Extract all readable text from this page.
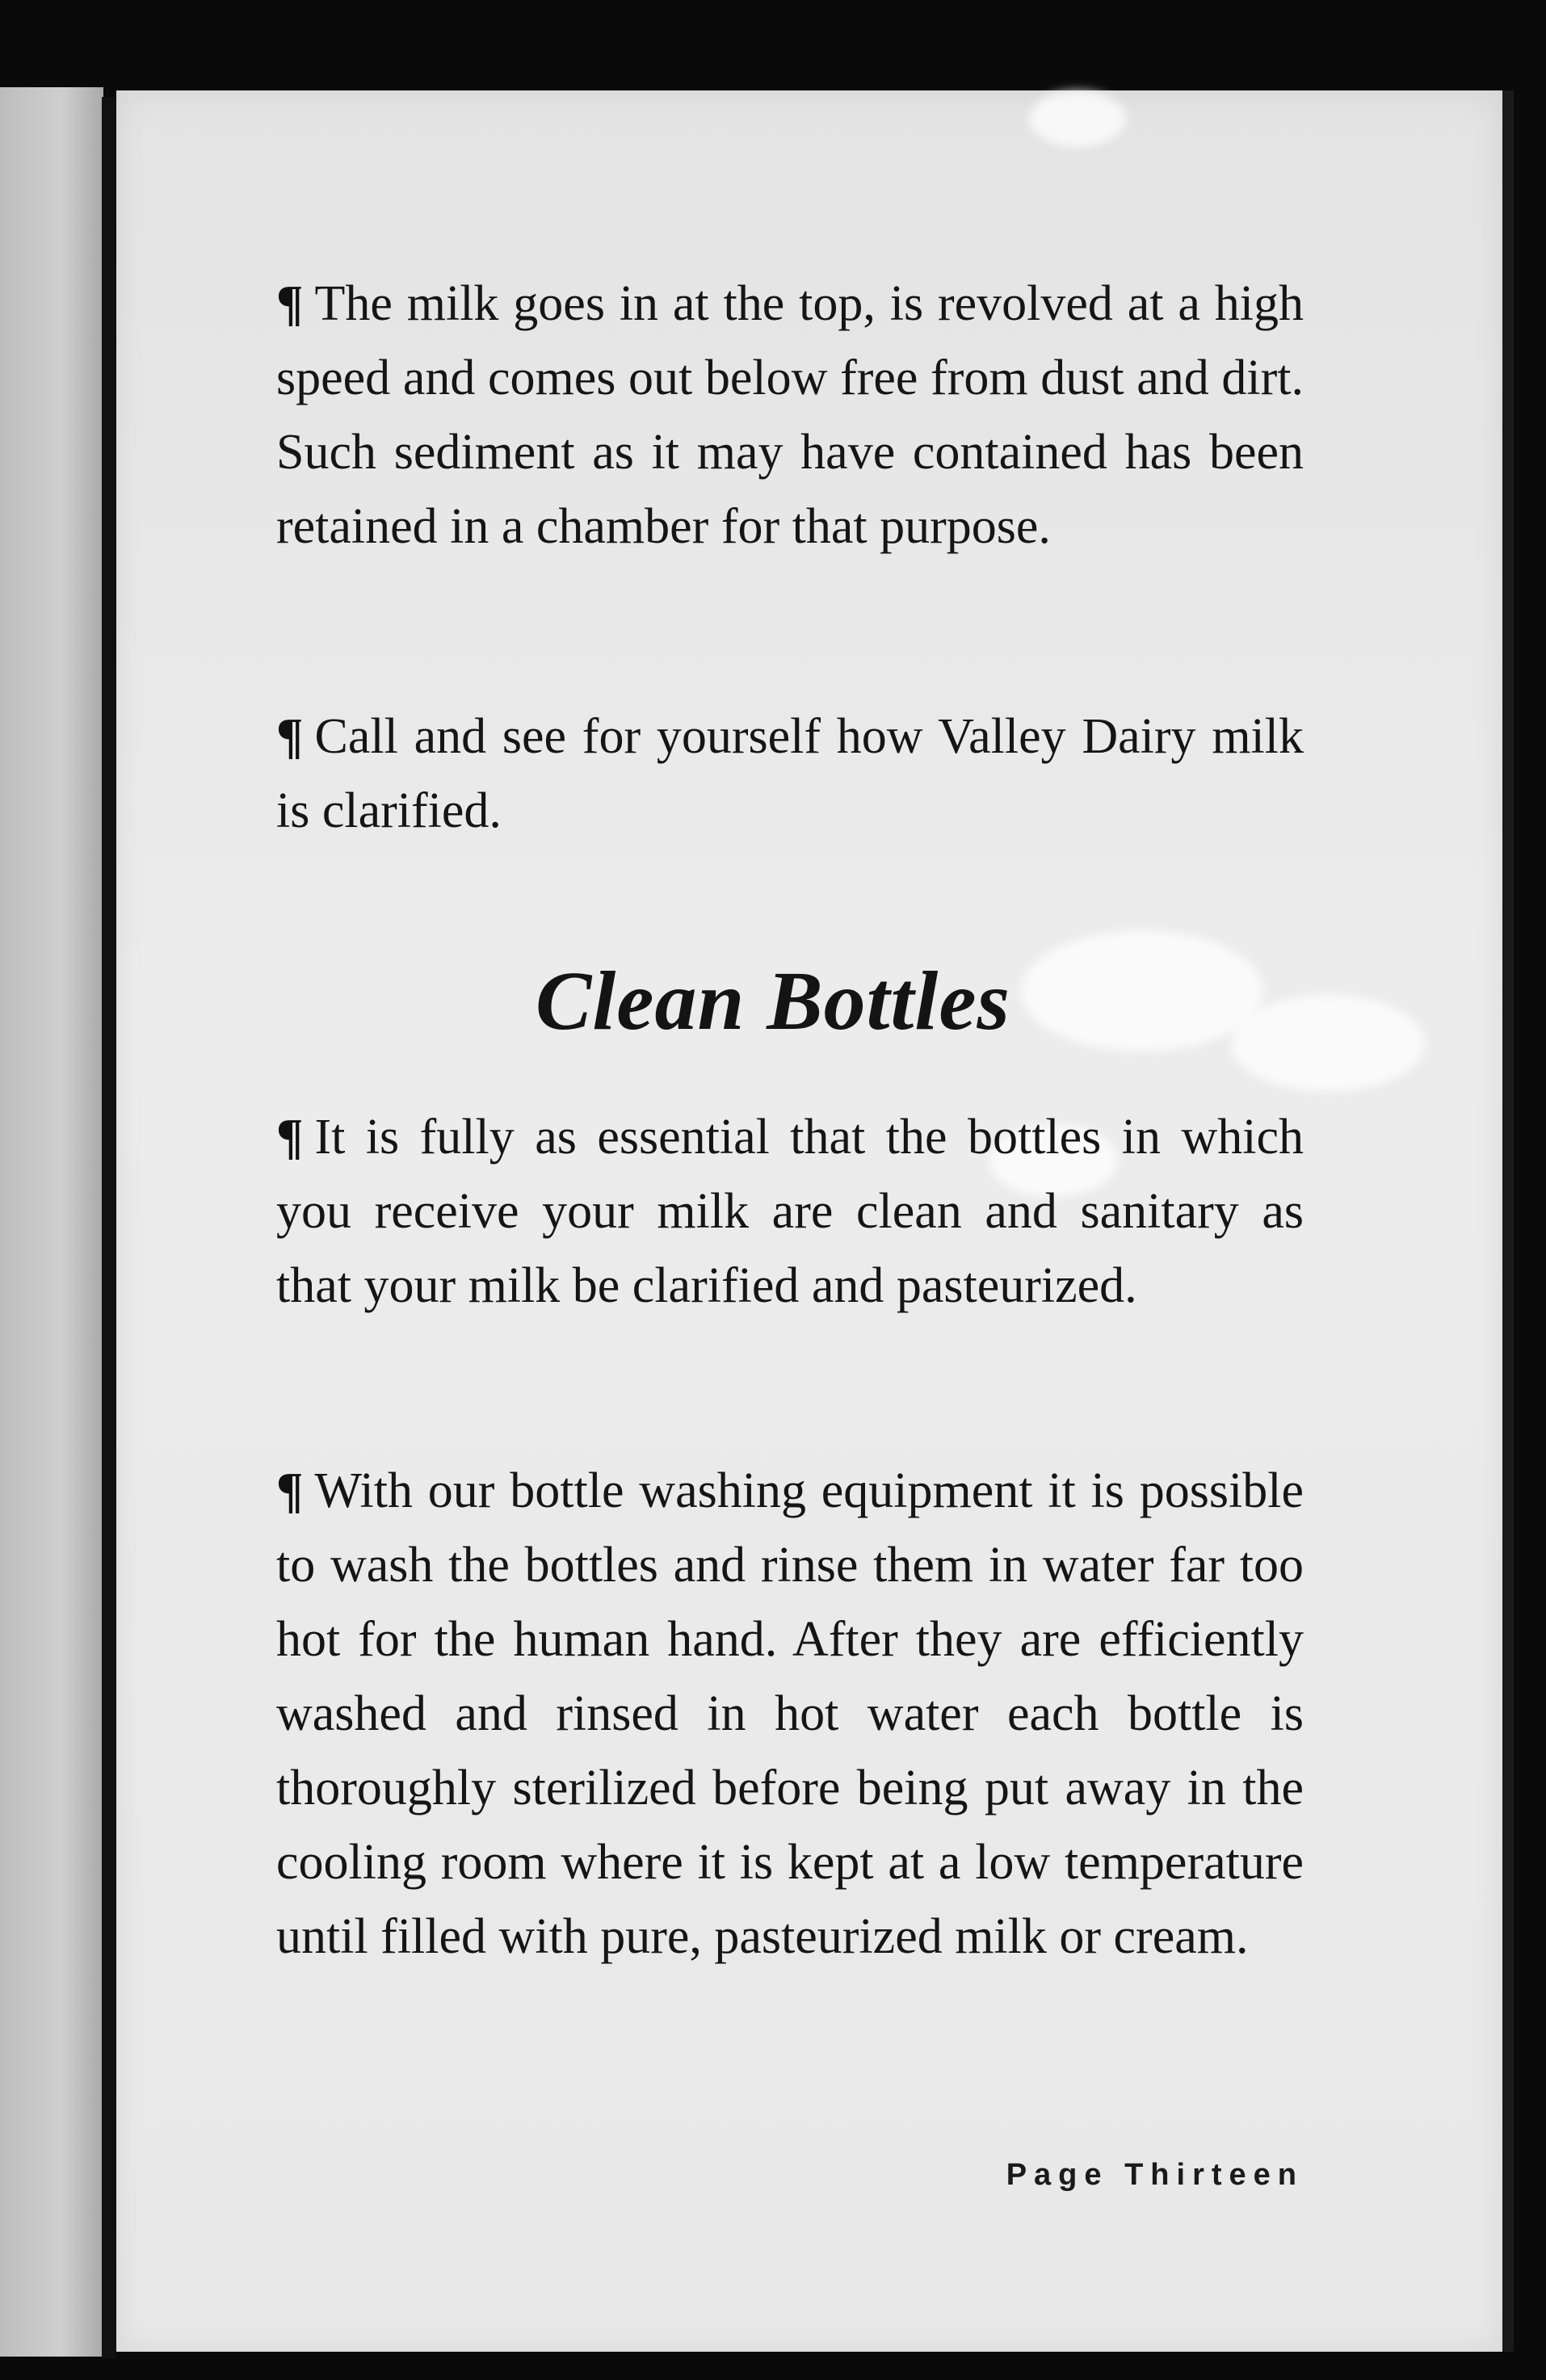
¶ The milk goes in at the top, is revolved at a high speed and comes out below free from dust and dirt. Such sediment as it may have contained has been retained in a chamber for that purpose.

¶ Call and see for yourself how Valley Dairy milk is clarified.

Clean Bottles

¶ It is fully as essential that the bottles in which you receive your milk are clean and sanitary as that your milk be clarified and pasteurized.

¶ With our bottle washing equipment it is possible to wash the bottles and rinse them in water far too hot for the human hand. After they are efficiently washed and rinsed in hot water each bottle is thoroughly sterilized before being put away in the cooling room where it is kept at a low temperature until filled with pure, pasteurized milk or cream.

Page Thirteen
